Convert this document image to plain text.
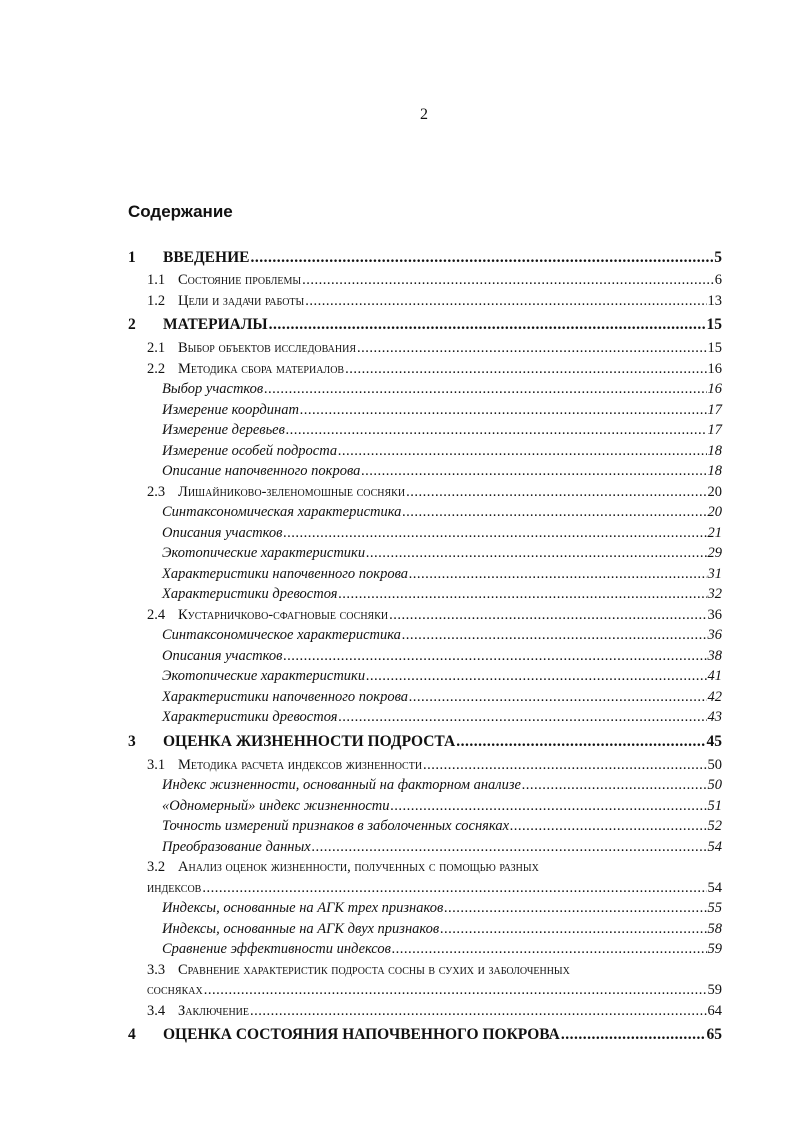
2
Содержание
1	ВВЕДЕНИЕ .....	5
1.1 Состояние проблемы .....	6
1.2 Цели и задачи работы .....	13
2	МАТЕРИАЛЫ .....	15
2.1 Выбор объектов исследования .....	15
2.2 Методика сбора материалов .....	16
Выбор участков .....	16
Измерение координат .....	17
Измерение деревьев .....	17
Измерение особей подроста .....	18
Описание напочвенного покрова .....	18
2.3 Лишайниково-зеленомошные сосняки .....	20
Синтаксономическая характеристика .....	20
Описания участков .....	21
Экотопические характеристики .....	29
Характеристики напочвенного покрова .....	31
Характеристики древостоя .....	32
2.4 Кустарничково-сфагновые сосняки .....	36
Синтаксономическое характеристика .....	36
Описания участков .....	38
Экотопические характеристики .....	41
Характеристики напочвенного покрова .....	42
Характеристики древостоя .....	43
3	ОЦЕНКА ЖИЗНЕННОСТИ ПОДРОСТА .....	45
3.1 Методика расчета индексов жизненности .....	50
Индекс жизненности, основанный на факторном анализе .....	50
«Одномерный» индекс жизненности .....	51
Точность измерений признаков в заболоченных сосняках .....	52
Преобразование данных .....	54
3.2 Анализ оценок жизненности, полученных с помощью разных
индексов .....	54
Индексы, основанные на АГК трех признаков .....	55
Индексы, основанные на АГК двух признаков .....	58
Сравнение эффективности индексов .....	59
3.3 Сравнение характеристик подроста сосны в сухих и заболоченных
сосняках .....	59
3.4 Заключение .....	64
4	ОЦЕНКА СОСТОЯНИЯ НАПОЧВЕННОГО ПОКРОВА .....	65
